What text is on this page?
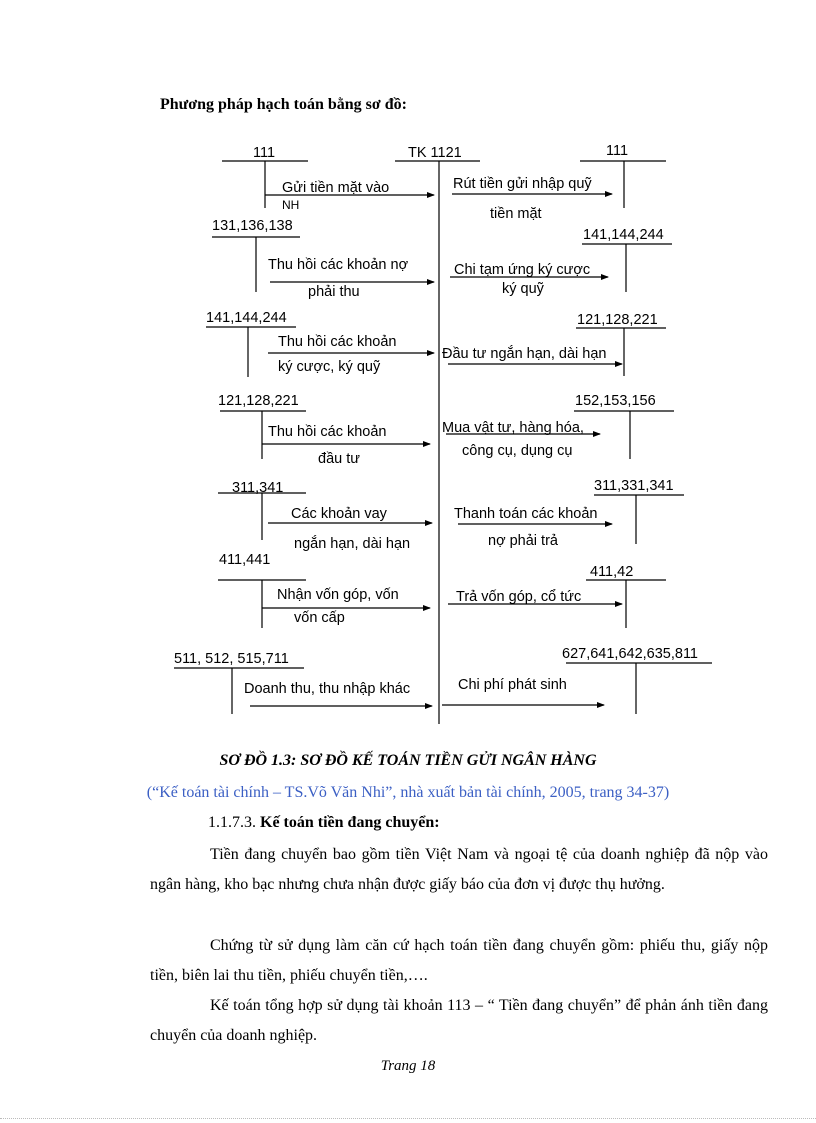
Phương pháp hạch toán bằng sơ đồ:
TK 1121
111
Gửi tiền mặt vào
NH
131,136,138
Thu hồi các khoản nợ
phải thu
141,144,244
Thu hồi các khoản
ký cược, ký quỹ
121,128,221
Thu hồi các khoản
đầu tư
311,341
Các khoản vay
ngắn hạn, dài hạn
411,441
Nhận vốn góp, vốn
vốn cấp
511, 512, 515,711
Doanh thu, thu nhập khác
111
Rút tiền gửi nhập quỹ
tiền mặt
141,144,244
Chi tạm ứng ký cược
ký quỹ
121,128,221
Đầu tư ngắn hạn, dài hạn
152,153,156
Mua vật tư, hàng hóa,
công cụ, dụng cụ
311,331,341
Thanh toán các khoản
nợ phải trả
411,42
Trả vốn góp, cổ tức
627,641,642,635,811
Chi phí phát sinh
SƠ ĐỒ 1.3: SƠ ĐỒ KẾ TOÁN TIỀN GỬI NGÂN HÀNG
(“Kế toán tài chính – TS.Võ Văn Nhi”, nhà xuất bản tài chính, 2005, trang 34-37)
1.1.7.3. Kế toán tiền đang chuyển:
Tiền đang chuyển bao gồm tiền Việt Nam và ngoại tệ của doanh nghiệp đã nộp vào ngân hàng, kho bạc nhưng chưa nhận được giấy báo của đơn vị được thụ hưởng.
Chứng từ sử dụng làm căn cứ hạch toán tiền đang chuyển gồm: phiếu thu, giấy nộp tiền, biên lai thu tiền, phiếu chuyển tiền,….
Kế toán tổng hợp sử dụng tài khoản 113 – “ Tiền đang chuyển” để phản ánh tiền đang chuyển của doanh nghiệp.
Trang 18
